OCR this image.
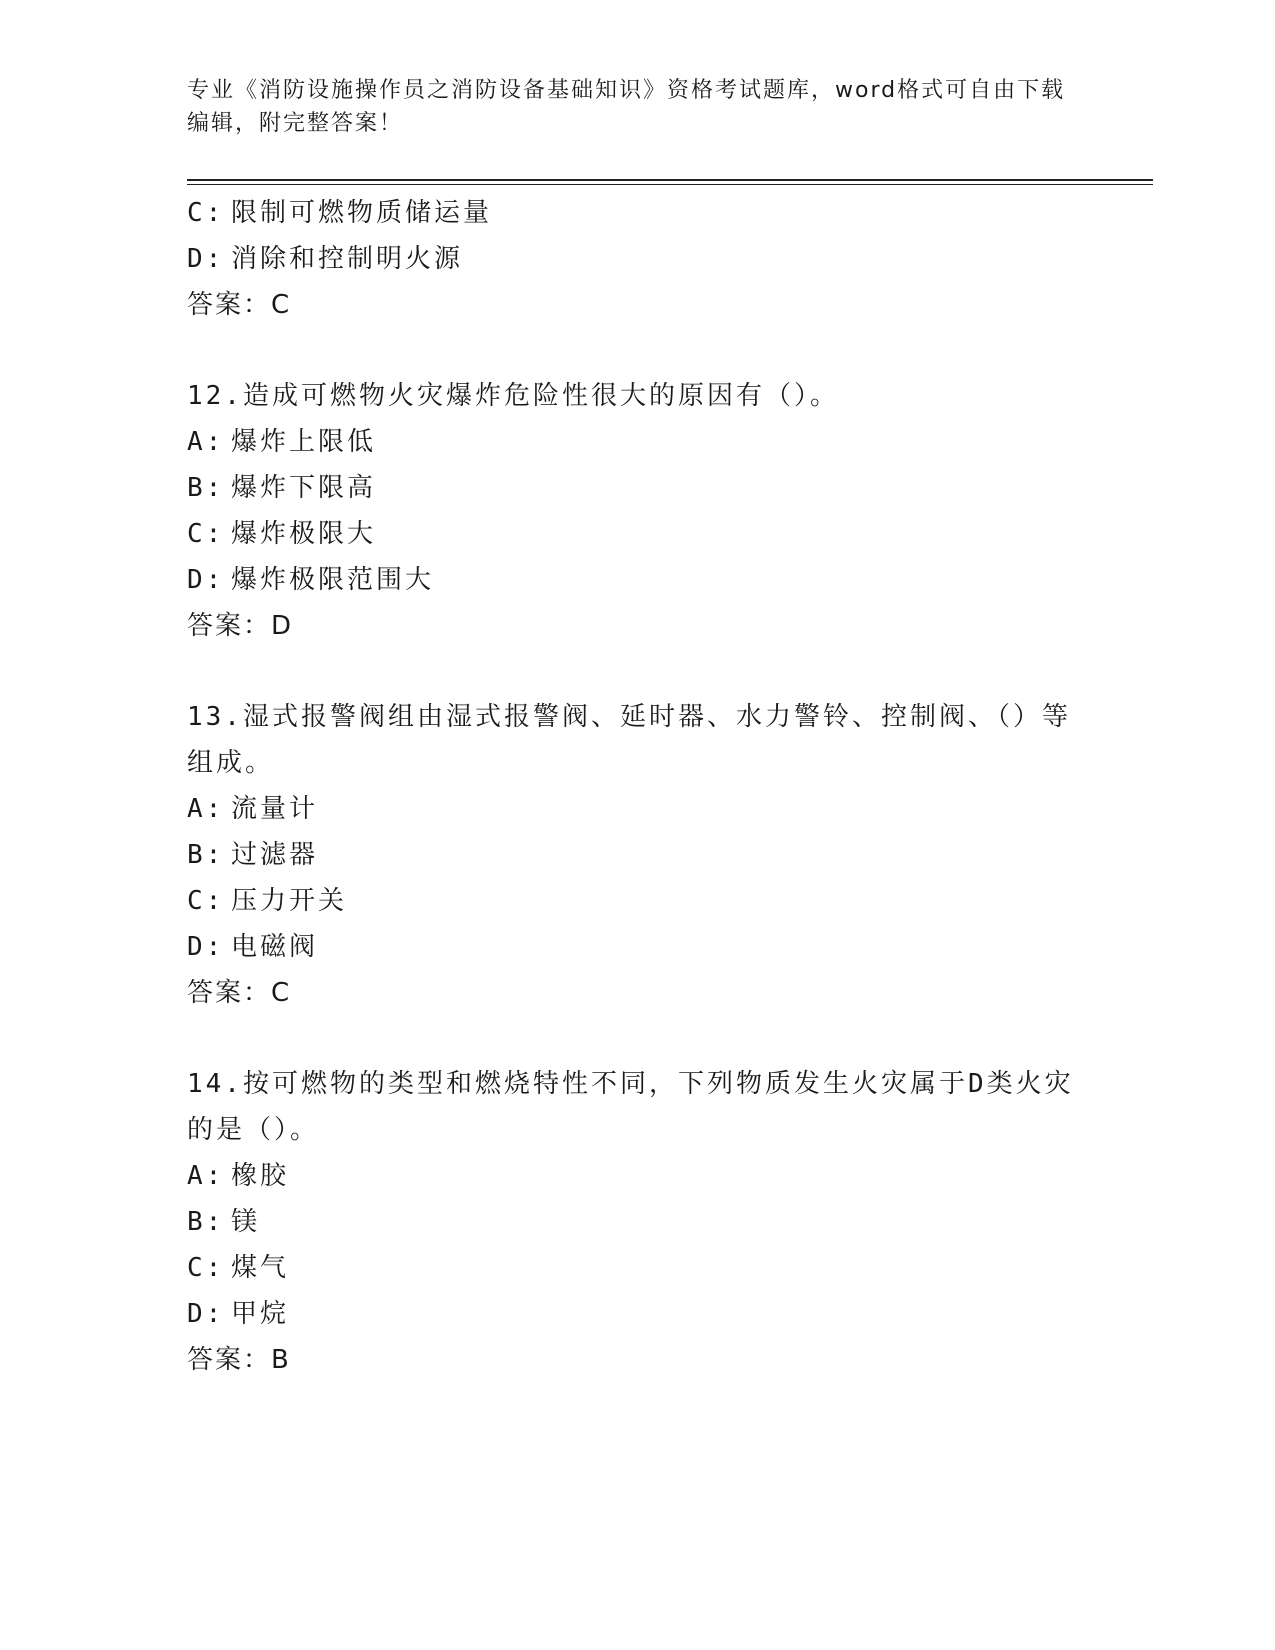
专业《消防设施操作员之消防设备基础知识》资格考试题库，word格式可自由下载编辑，附完整答案！
C: 限制可燃物质储运量
D: 消除和控制明火源
答案：C
12.造成可燃物火灾爆炸危险性很大的原因有（）。
A: 爆炸上限低
B: 爆炸下限高
C: 爆炸极限大
D: 爆炸极限范围大
答案：D
13.湿式报警阀组由湿式报警阀、延时器、水力警铃、控制阀、（）等组成。
A: 流量计
B: 过滤器
C: 压力开关
D: 电磁阀
答案：C
14.按可燃物的类型和燃烧特性不同，下列物质发生火灾属于D类火灾的是（）。
A: 橡胶
B: 镁
C: 煤气
D: 甲烷
答案：B
